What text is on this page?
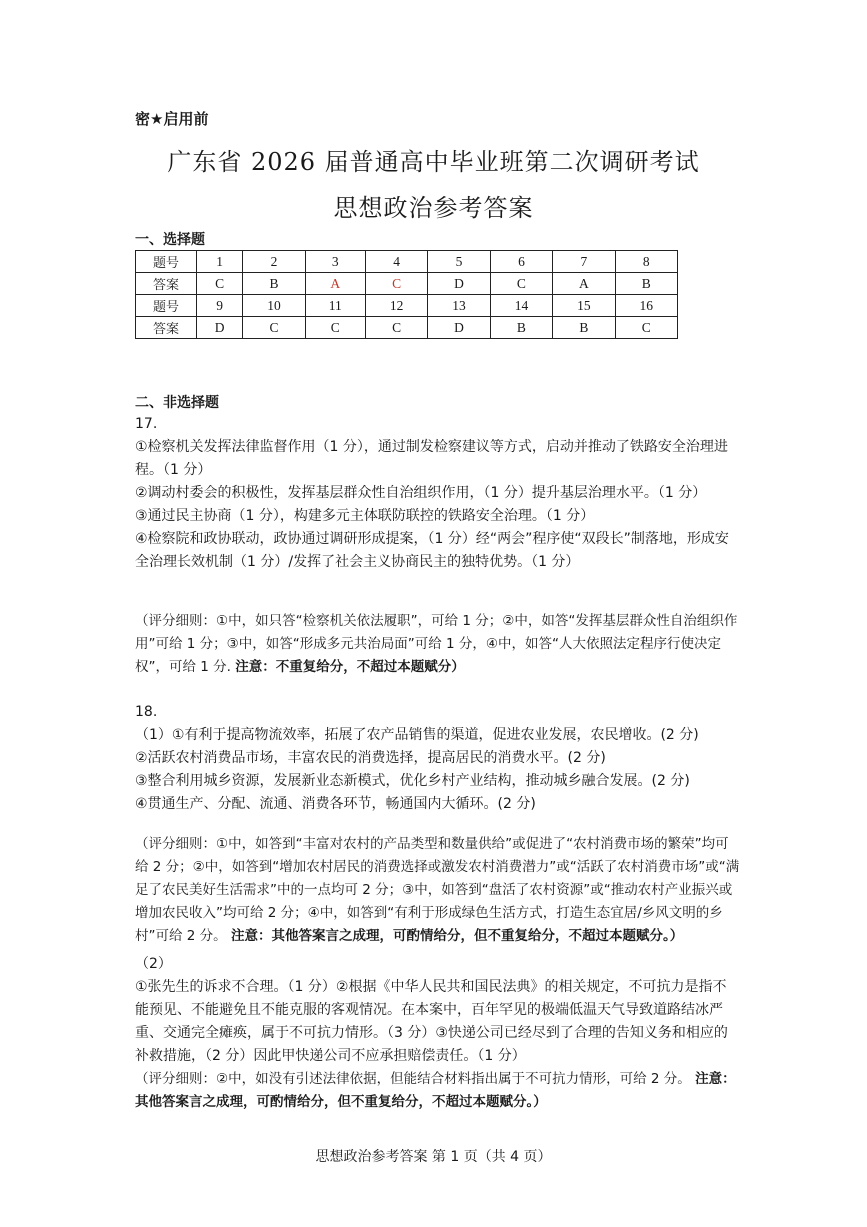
密★启用前
广东省 2026 届普通高中毕业班第二次调研考试
思想政治参考答案
一、选择题
题号	1	2	3	4	5	6	7	8
答案	C	B	A	C	D	C	A	B
题号	9	10	11	12	13	14	15	16
答案	D	C	C	C	D	B	B	C
二、非选择题

17.

①检察机关发挥法律监督作用（1 分），通过制发检察建议等方式，启动并推动了铁路安全治理进程。（1 分）

②调动村委会的积极性，发挥基层群众性自治组织作用，（1 分）提升基层治理水平。（1 分）

③通过民主协商（1 分），构建多元主体联防联控的铁路安全治理。（1 分）

④检察院和政协联动，政协通过调研形成提案，（1 分）经“两会”程序使“双段长”制落地，形成安全治理长效机制（1 分）/发挥了社会主义协商民主的独特优势。（1 分）

（评分细则：①中，如只答“检察机关依法履职”，可给 1 分；②中，如答“发挥基层群众性自治组织作用”可给 1 分；③中，如答“形成多元共治局面”可给 1 分，④中，如答“人大依照法定程序行使决定权”，可给 1 分. 注意：不重复给分，不超过本题赋分）

18.

（1）①有利于提高物流效率，拓展了农产品销售的渠道，促进农业发展，农民增收。(2 分)

②活跃农村消费品市场，丰富农民的消费选择，提高居民的消费水平。(2 分)

③整合利用城乡资源，发展新业态新模式，优化乡村产业结构，推动城乡融合发展。(2 分)

④贯通生产、分配、流通、消费各环节，畅通国内大循环。(2 分)

（评分细则：①中，如答到“丰富对农村的产品类型和数量供给”或促进了“农村消费市场的繁荣”均可给 2 分；②中，如答到“增加农村居民的消费选择或激发农村消费潜力”或“活跃了农村消费市场”或“满足了农民美好生活需求”中的一点均可 2 分；③中，如答到“盘活了农村资源”或“推动农村产业振兴或增加农民收入”均可给 2 分；④中，如答到“有利于形成绿色生活方式，打造生态宜居/乡风文明的乡村”可给 2 分。 注意：其他答案言之成理，可酌情给分，但不重复给分，不超过本题赋分。）

（2）

①张先生的诉求不合理。（1 分）②根据《中华人民共和国民法典》的相关规定，不可抗力是指不能预见、不能避免且不能克服的客观情况。在本案中，百年罕见的极端低温天气导致道路结冰严重、交通完全瘫痪，属于不可抗力情形。（3 分）③快递公司已经尽到了合理的告知义务和相应的补救措施，（2 分）因此甲快递公司不应承担赔偿责任。（1 分）

（评分细则：②中，如没有引述法律依据，但能结合材料指出属于不可抗力情形，可给 2 分。 注意：其他答案言之成理，可酌情给分，但不重复给分，不超过本题赋分。）

思想政治参考答案 第 1 页（共 4 页）
